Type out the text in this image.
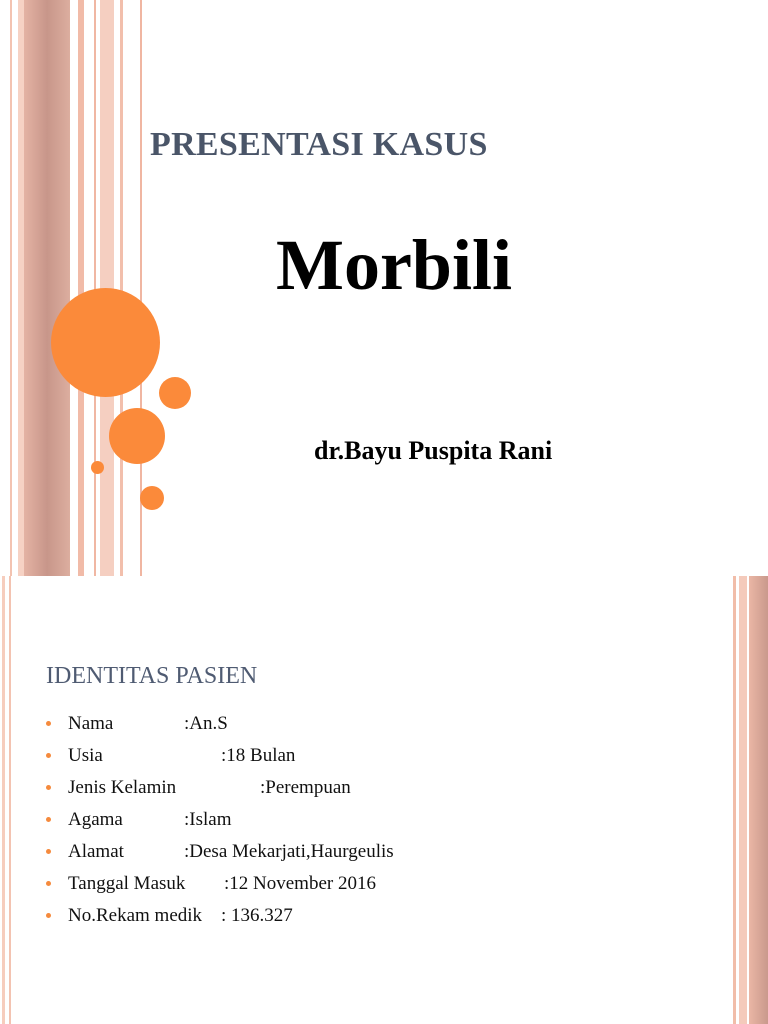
PRESENTASI KASUS
Morbili
dr.Bayu Puspita Rani
IDENTITAS PASIEN
Nama	:An.S
Usia	:18 Bulan
Jenis Kelamin	:Perempuan
Agama	:Islam
Alamat	:Desa Mekarjati,Haurgeulis
Tanggal Masuk :12 November 2016
No.Rekam medik : 136.327
